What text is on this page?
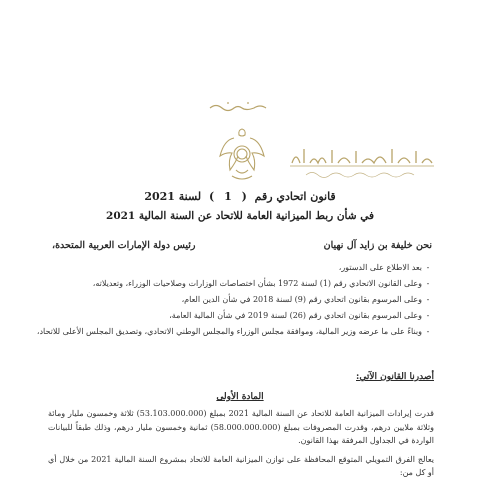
قانون اتحادي رقم ( 1 ) لسنة 2021
في شأن ربط الميزانية العامة للاتحاد عن السنة المالية 2021
نحن خليفة بن زايد آل نهيان
رئيس دولة الإمارات العربية المتحدة،
-
بعد الاطلاع على الدستور،
-
وعلى القانون الاتحادي رقم (1) لسنة 1972 بشأن اختصاصات الوزارات وصلاحيات الوزراء، وتعديلاته،
-
وعلى المرسوم بقانون اتحادي رقم (9) لسنة 2018 في شأن الدين العام،
-
وعلى المرسوم بقانون اتحادي رقم (26) لسنة 2019 في شأن المالية العامة،
-
وبناءً على ما عرضه وزير المالية، وموافقة مجلس الوزراء والمجلس الوطني الاتحادي، وتصديق المجلس الأعلى للاتحاد،
أصدرنا القانون الآتي:
المادة الأولى

قدرت إيرادات الميزانية العامة للاتحاد عن السنة المالية 2021 بمبلغ (53.103.000.000) ثلاثة وخمسون مليار ومائة وثلاثة ملايين درهم، وقدرت المصروفات بمبلغ (58.000.000.000) ثمانية وخمسون مليار درهم، وذلك طبقاً للبيانات الواردة في الجداول المرفقة بهذا القانون.

يعالج الفرق التمويلي المتوقع المحافظة على توازن الميزانية العامة للاتحاد بمشروع السنة المالية 2021 من خلال أي أو كل من:
